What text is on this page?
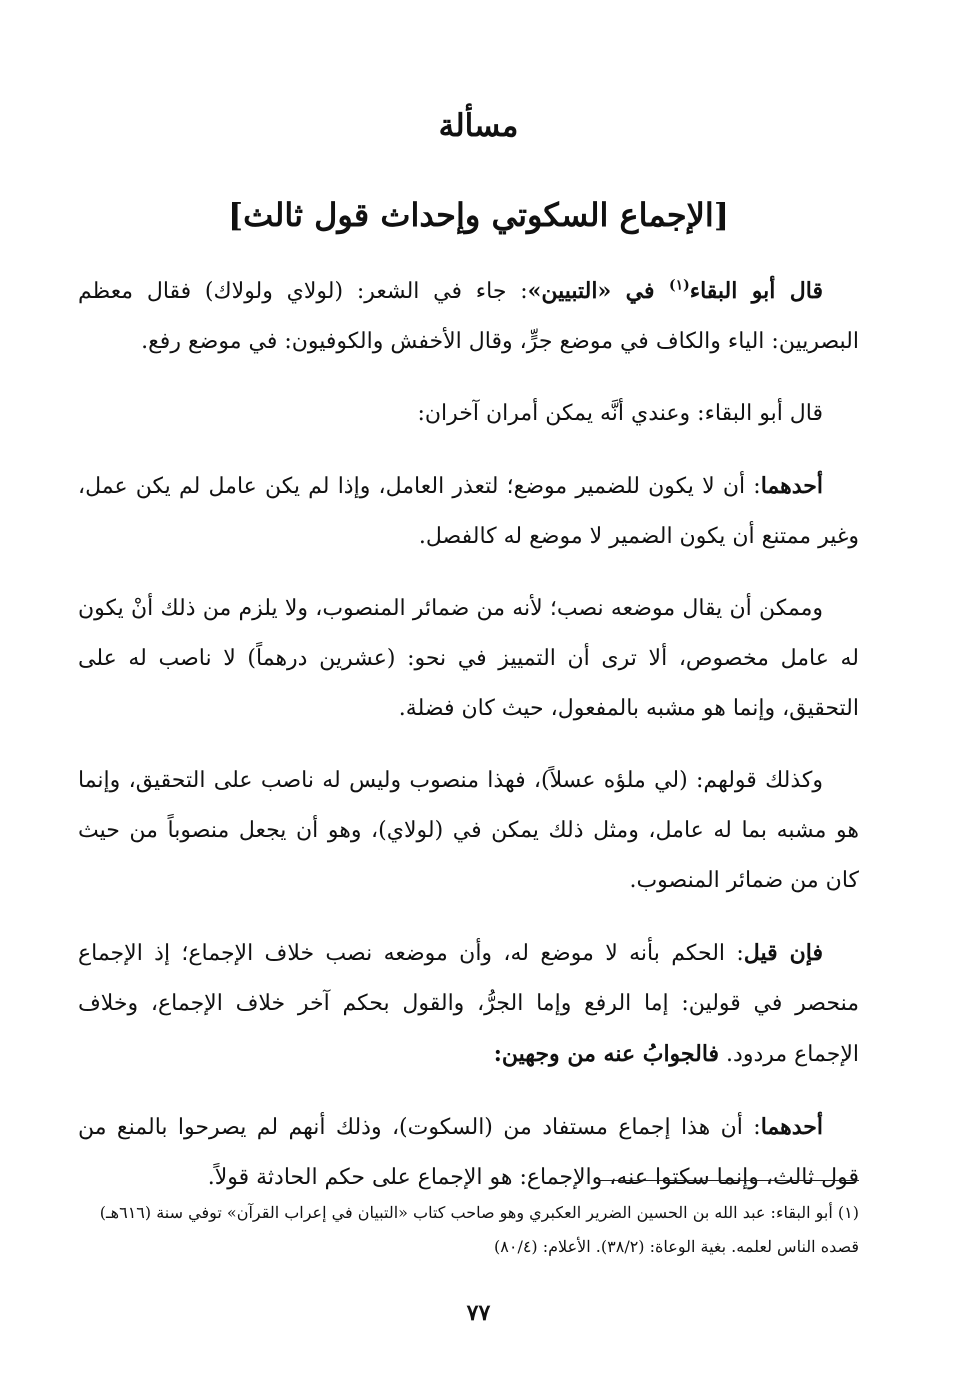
مسألة
[الإجماع السكوتي وإحداث قول ثالث]

قال أبو البقاء$^{(١)}$ في «التبيين»: جاء في الشعر: (لولاي ولولاك) فقال معظم البصريين: الياء والكاف في موضع جرٍّ، وقال الأخفش والكوفيون: في موضع رفع.

قال أبو البقاء: وعندي أنَّه يمكن أمران آخران:

أحدهما: أن لا يكون للضمير موضع؛ لتعذر العامل، وإذا لم يكن عامل لم يكن عمل، وغير ممتنع أن يكون الضمير لا موضع له كالفصل.

وممكن أن يقال موضعه نصب؛ لأنه من ضمائر المنصوب، ولا يلزم من ذلك أنْ يكون له عامل مخصوص، ألا ترى أن التمييز في نحو: (عشرين درهماً) لا ناصب له على التحقيق، وإنما هو مشبه بالمفعول، حيث كان فضلة.

وكذلك قولهم: (لي ملؤه عسلاً)، فهذا منصوب وليس له ناصب على التحقيق، وإنما هو مشبه بما له عامل، ومثل ذلك يمكن في (لولاي)، وهو أن يجعل منصوباً من حيث كان من ضمائر المنصوب.

فإن قيل: الحكم بأنه لا موضع له، وأن موضعه نصب خلاف الإجماع؛ إذ الإجماع منحصر في قولين: إما الرفع وإما الجرُّ، والقول بحكم آخر خلاف الإجماع، وخلاف الإجماع مردود. فالجوابُ عنه من وجهين:

أحدهما: أن هذا إجماع مستفاد من (السكوت)، وذلك أنهم لم يصرحوا بالمنع من قول ثالث، وإنما سكتوا عنه، والإجماع: هو الإجماع على حكم الحادثة قولاً.

(١) أبو البقاء: عبد الله بن الحسين الضرير العكبري وهو صاحب كتاب «التبيان في إعراب القرآن» توفي سنة (٦١٦هـ) قصده الناس لعلمه. بغية الوعاة: (٣٨/٢). الأعلام: (٨٠/٤)

٧٧
